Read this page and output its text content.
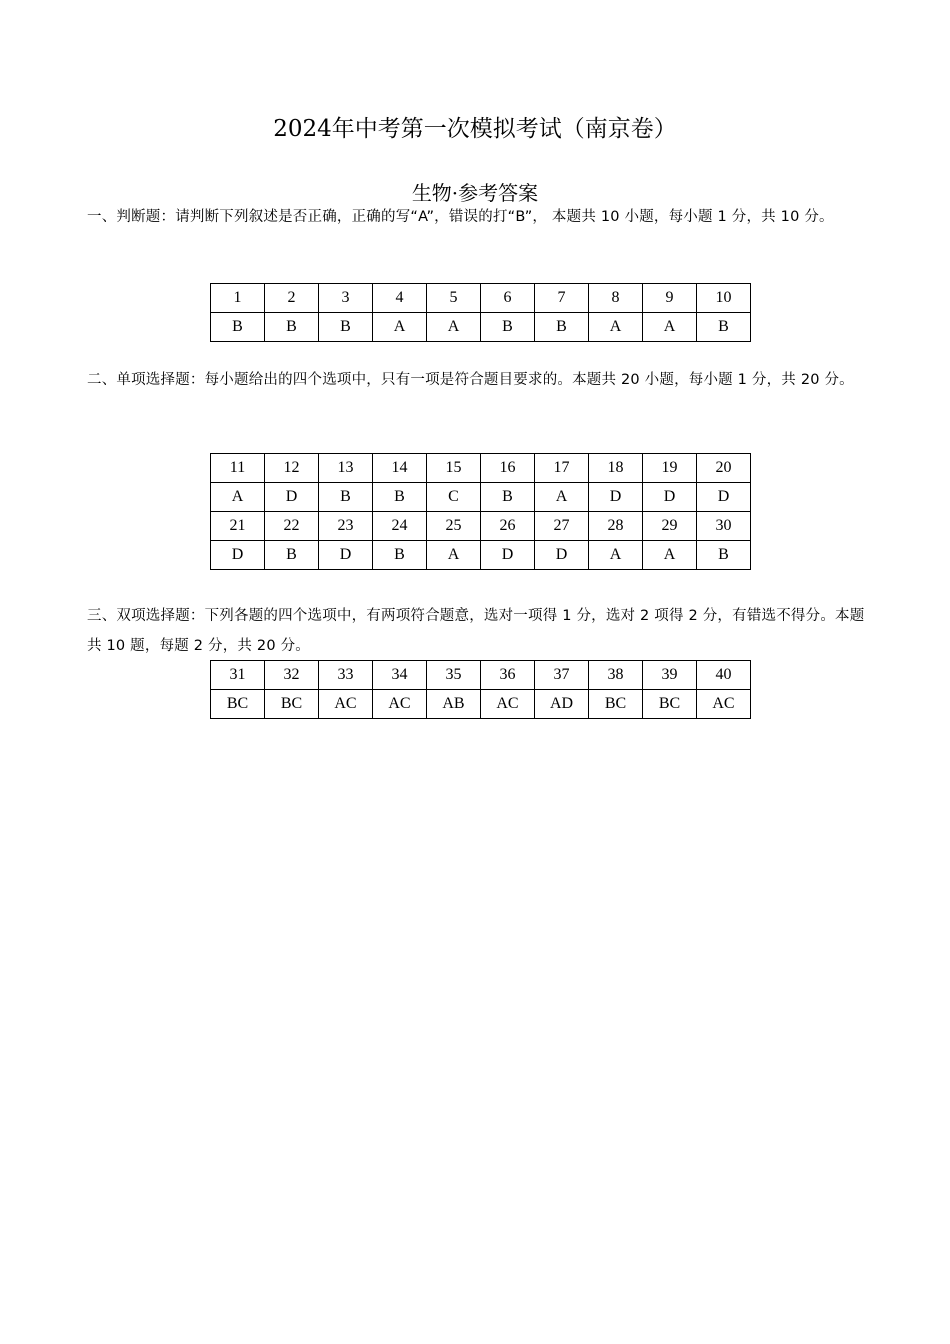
2024年中考第一次模拟考试（南京卷）
生物·参考答案
一、判断题：请判断下列叙述是否正确，正确的写“A”，错误的打“B”， 本题共 10 小题，每小题 1 分，共 10 分。
1	2	3	4	5	6	7	8	9	10
B	B	B	A	A	B	B	A	A	B
二、单项选择题：每小题给出的四个选项中，只有一项是符合题目要求的。本题共 20 小题，每小题 1 分，共 20 分。
11	12	13	14	15	16	17	18	19	20
A	D	B	B	C	B	A	D	D	D
21	22	23	24	25	26	27	28	29	30
D	B	D	B	A	D	D	A	A	B
三、双项选择题：下列各题的四个选项中，有两项符合题意，选对一项得 1 分，选对 2 项得 2 分，有错选不得分。本题共 10 题，每题 2 分，共 20 分。
31	32	33	34	35	36	37	38	39	40
BC	BC	AC	AC	AB	AC	AD	BC	BC	AC
